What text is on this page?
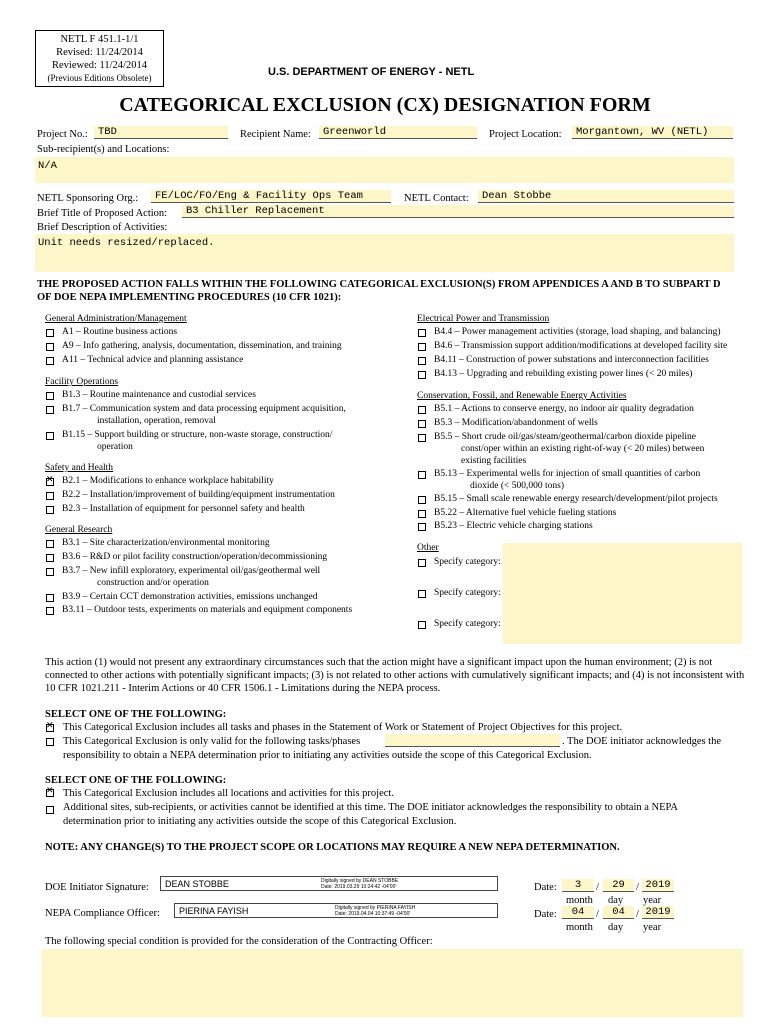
NETL F 451.1-1/1
Revised: 11/24/2014
Reviewed: 11/24/2014
(Previous Editions Obsolete)	U.S. DEPARTMENT OF ENERGY - NETL
CATEGORICAL EXCLUSION (CX) DESIGNATION FORM
Project No.: TBD	Recipient Name:	Greenworld	Project Location:	Morgantown, WV (NETL)
Sub-recipient(s) and Locations:
N/A
NETL Sponsoring Org.:	FE/LOC/FO/Eng & Facility Ops Team	NETL Contact:	Dean Stobbe
Brief Title of Proposed Action:	B3 Chiller Replacement
Brief Description of Activities:
Unit needs resized/replaced.
THE PROPOSED ACTION FALLS WITHIN THE FOLLOWING CATEGORICAL EXCLUSION(S) FROM APPENDICES A AND B TO SUBPART D OF DOE NEPA IMPLEMENTING PROCEDURES (10 CFR 1021):
General Administration/Management
A1 – Routine business actions
A9 – Info gathering, analysis, documentation, dissemination, and training
A11 – Technical advice and planning assistance
Facility Operations
B1.3 – Routine maintenance and custodial services
B1.7 – Communication system and data processing equipment acquisition,
installation, operation, removal
B1.15 – Support building or structure, non-waste storage, construction/
operation
Safety and Health
✕
B2.1 – Modifications to enhance workplace habitability
B2.2 – Installation/improvement of building/equipment instrumentation
B2.3 – Installation of equipment for personnel safety and health
General Research
B3.1 – Site characterization/environmental monitoring
B3.6 – R&D or pilot facility construction/operation/decommissioning
B3.7 – New infill exploratory, experimental oil/gas/geothermal well
construction and/or operation
B3.9 – Certain CCT demonstration activities, emissions unchanged
B3.11 – Outdoor tests, experiments on materials and equipment components
Electrical Power and Transmission
B4.4 – Power management activities (storage, load shaping, and balancing)
B4.6 – Transmission support addition/modifications at developed facility site
B4.11 – Construction of power substations and interconnection facilities
B4.13 – Upgrading and rebuilding existing power lines (< 20 miles)
Conservation, Fossil, and Renewable Energy Activities
B5.1 – Actions to conserve energy, no indoor air quality degradation
B5.3 – Modification/abandonment of wells
B5.5 – Short crude oil/gas/steam/geothermal/carbon dioxide pipeline
const/oper within an existing right-of-way (< 20 miles) between
existing facilities
B5.13 – Experimental wells for injection of small quantities of carbon
dioxide (< 500,000 tons)
B5.15 – Small scale renewable energy research/development/pilot projects
B5.22 – Alternative fuel vehicle fueling stations
B5.23 – Electric vehicle charging stations
Other
Specify category:
Specify category:
Specify category:
This action (1) would not present any extraordinary circumstances such that the action might have a significant impact upon the human environment; (2) is not connected to other actions with potentially significant impacts; (3) is not related to other actions with cumulatively significant impacts; and (4) is not inconsistent with 10 CFR 1021.211 - Interim Actions or 40 CFR 1506.1 - Limitations during the NEPA process.
SELECT ONE OF THE FOLLOWING:
✕
This Categorical Exclusion includes all tasks and phases in the Statement of Work or Statement of Project Objectives for this project.
This Categorical Exclusion is only valid for the following tasks/phases	. The DOE initiator acknowledges the
responsibility to obtain a NEPA determination prior to initiating any activities outside the scope of this Categorical Exclusion.
SELECT ONE OF THE FOLLOWING:
✕
This Categorical Exclusion includes all locations and activities for this project.
Additional sites, sub-recipients, or activities cannot be identified at this time. The DOE initiator acknowledges the responsibility to obtain a NEPA
determination prior to initiating any activities outside the scope of this Categorical Exclusion.
NOTE: ANY CHANGE(S) TO THE PROJECT SCOPE OR LOCATIONS MAY REQUIRE A NEW NEPA DETERMINATION.
DOE Initiator Signature: DEAN STOBBE	Digitally signed by DEAN STOBBE
Date: 2019.03.29 10:24:42 -04'00'	Date:	3	/	29	/ 2019
month day year
NEPA Compliance Officer: PIERINA FAYISH	Digitally signed by PIERINA FAYISH
Date: 2019.04.04 10:37:49 -04'00'	Date:	04	/	04	/ 2019
month day year
The following special condition is provided for the consideration of the Contracting Officer:
